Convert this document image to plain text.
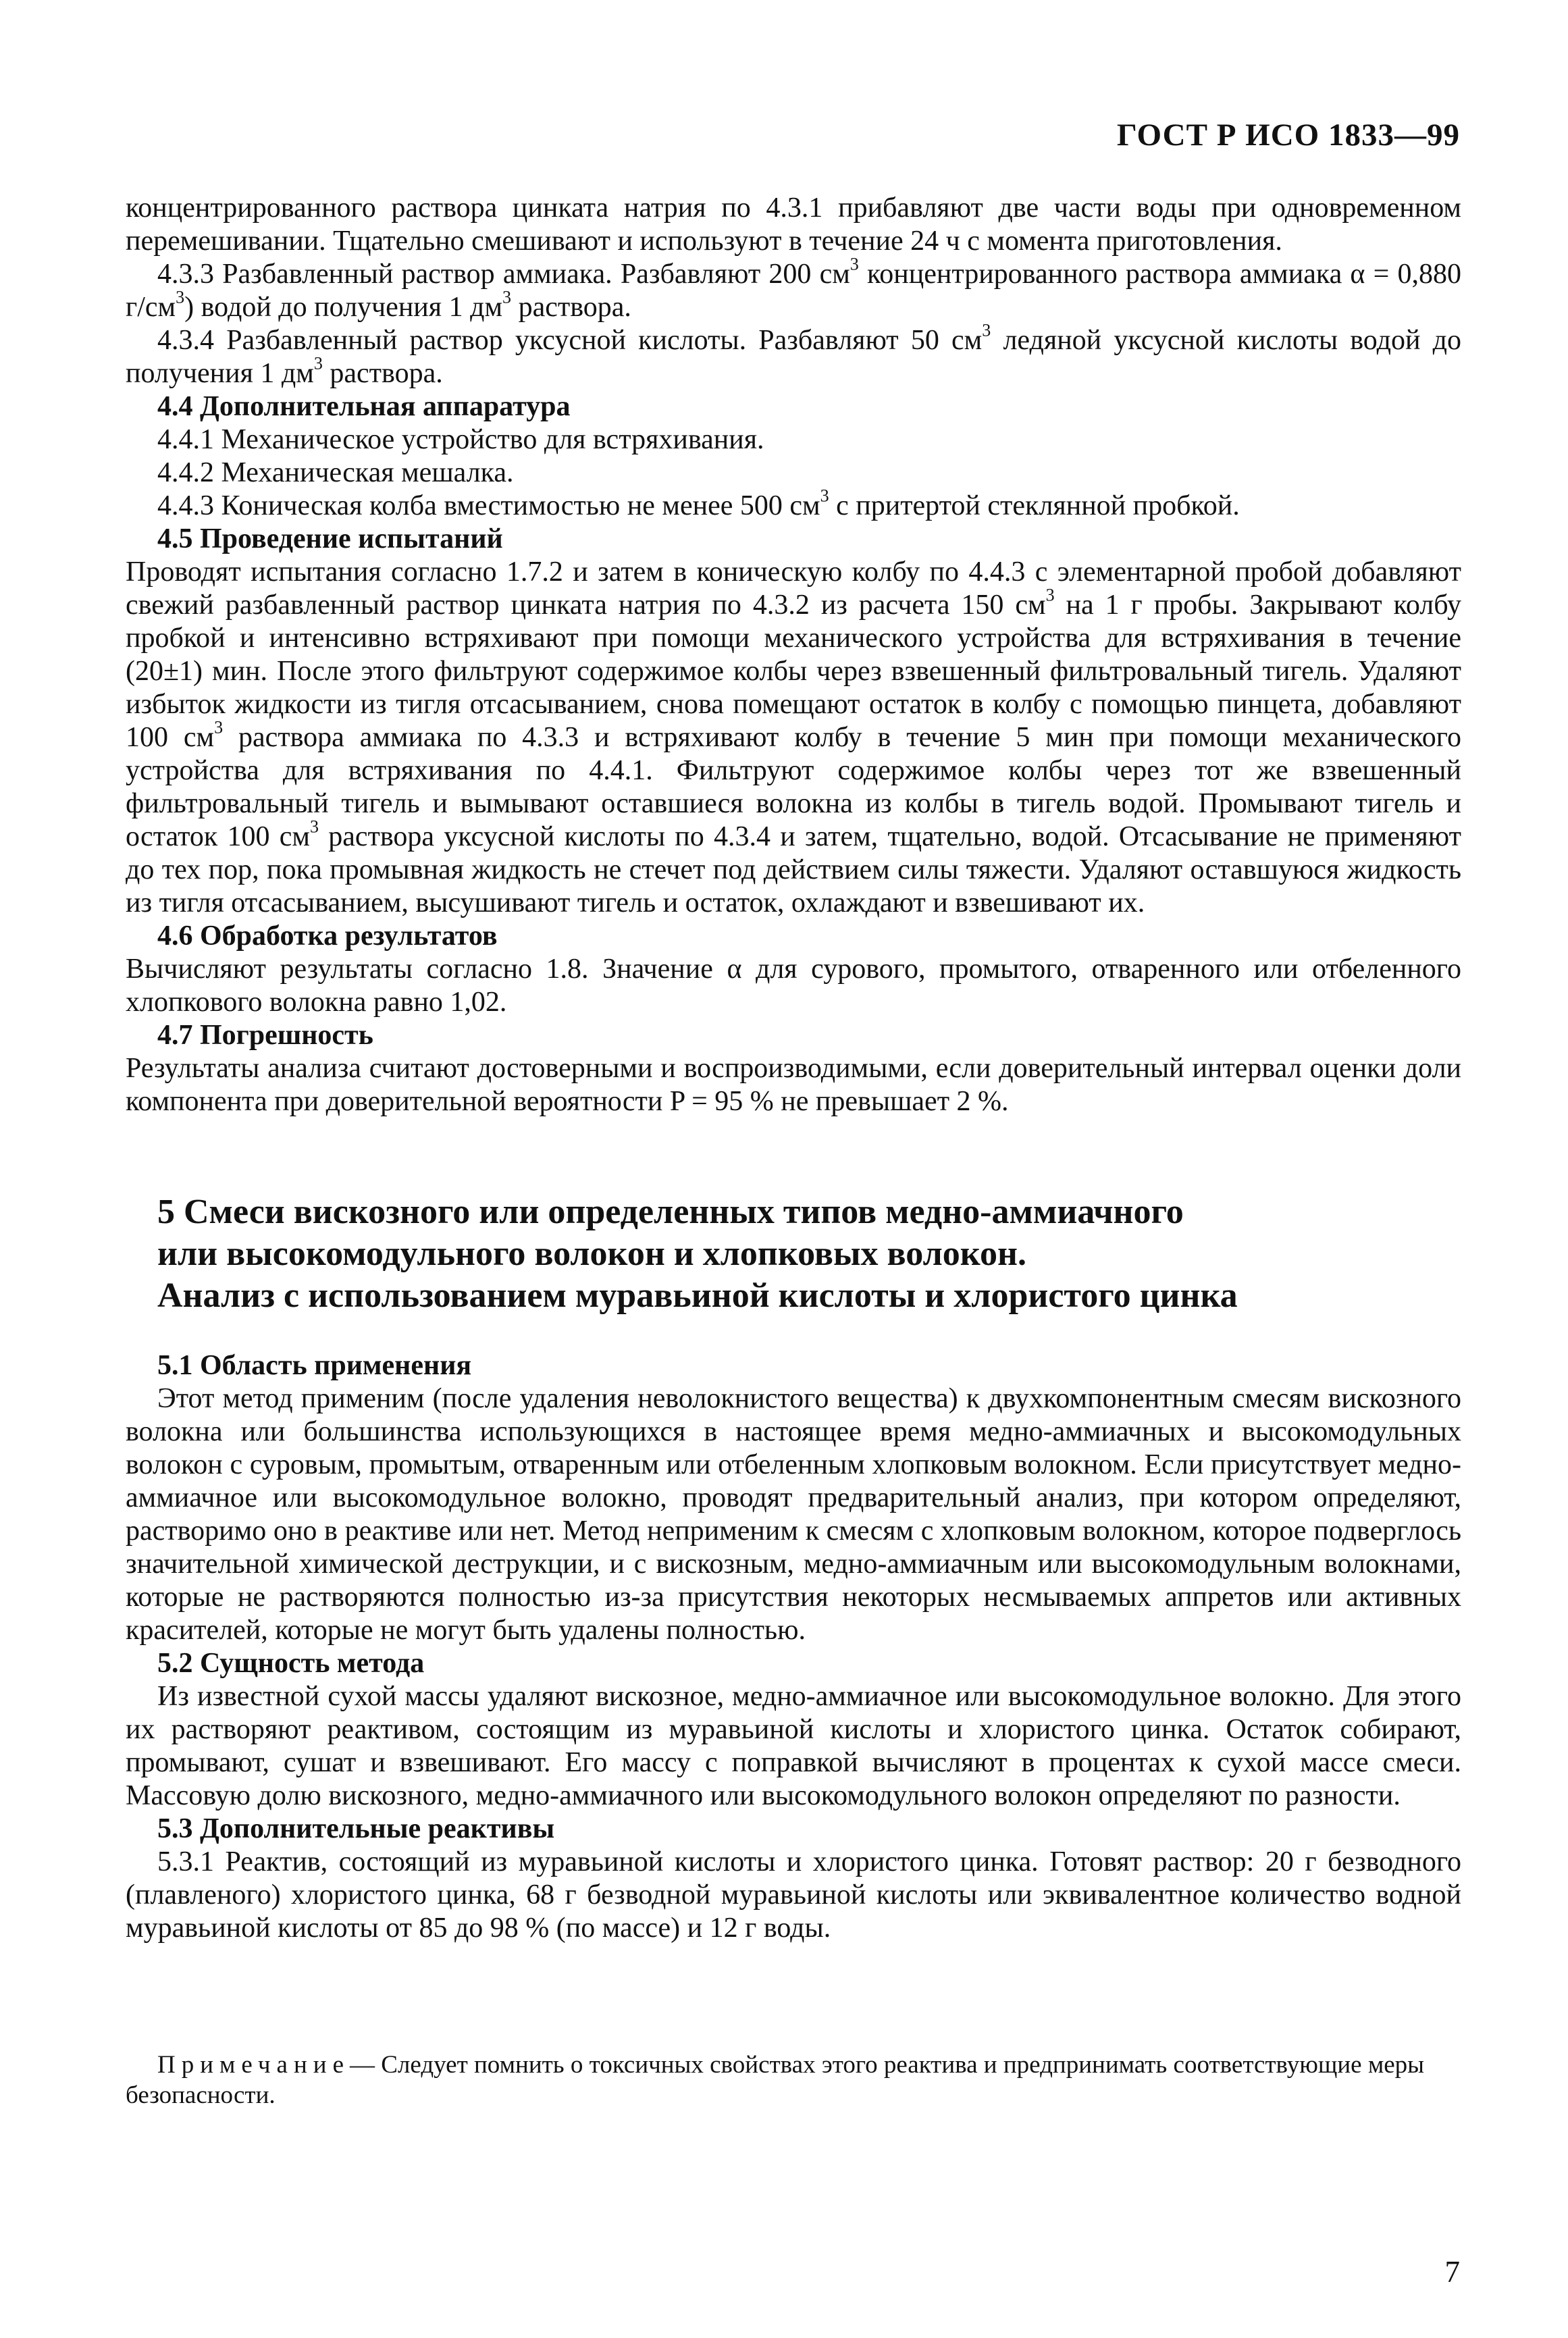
ГОСТ Р ИСО 1833—99

концентрированного раствора цинката натрия по 4.3.1 прибавляют две части воды при одновременном перемешивании. Тщательно смешивают и используют в течение 24 ч с момента приготовления.

4.3.3 Разбавленный раствор аммиака. Разбавляют 200 $см^3$ концентрированного раствора аммиака α = 0,880 $г/см^3$) водой до получения 1 $дм^3$ раствора.

4.3.4 Разбавленный раствор уксусной кислоты. Разбавляют 50 $см^3$ ледяной уксусной кислоты водой до получения 1 $дм^3$ раствора.

4.4 Дополнительная аппаратура

4.4.1 Механическое устройство для встряхивания.

4.4.2 Механическая мешалка.

4.4.3 Коническая колба вместимостью не менее 500 $см^3$ с притертой стеклянной пробкой.

4.5 Проведение испытаний

Проводят испытания согласно 1.7.2 и затем в коническую колбу по 4.4.3 с элементарной пробой добавляют свежий разбавленный раствор цинката натрия по 4.3.2 из расчета 150 $см^3$ на 1 г пробы. Закрывают колбу пробкой и интенсивно встряхивают при помощи механического устройства для встряхивания в течение (20±1) мин. После этого фильтруют содержимое колбы через взвешенный фильтровальный тигель. Удаляют избыток жидкости из тигля отсасыванием, снова помещают остаток в колбу с помощью пинцета, добавляют 100 $см^3$ раствора аммиака по 4.3.3 и встряхивают колбу в течение 5 мин при помощи механического устройства для встряхивания по 4.4.1. Фильтруют содержимое колбы через тот же взвешенный фильтровальный тигель и вымывают оставшиеся волокна из колбы в тигель водой. Промывают тигель и остаток 100 $см^3$ раствора уксусной кислоты по 4.3.4 и затем, тщательно, водой. Отсасывание не применяют до тех пор, пока промывная жидкость не стечет под действием силы тяжести. Удаляют оставшуюся жидкость из тигля отсасыванием, высушивают тигель и остаток, охлаждают и взвешивают их.

4.6 Обработка результатов

Вычисляют результаты согласно 1.8. Значение α для сурового, промытого, отваренного или отбеленного хлопкового волокна равно 1,02.

4.7 Погрешность

Результаты анализа считают достоверными и воспроизводимыми, если доверительный интервал оценки доли компонента при доверительной вероятности P = 95 % не превышает 2 %.

5 Смеси вискозного или определенных типов медно-аммиачного
или высокомодульного волокон и хлопковых волокон.
Анализ с использованием муравьиной кислоты и хлористого цинка

5.1 Область применения

Этот метод применим (после удаления неволокнистого вещества) к двухкомпонентным смесям вискозного волокна или большинства использующихся в настоящее время медно-аммиачных и высокомодульных волокон с суровым, промытым, отваренным или отбеленным хлопковым волокном. Если присутствует медно-аммиачное или высокомодульное волокно, проводят предварительный анализ, при котором определяют, растворимо оно в реактиве или нет. Метод неприменим к смесям с хлопковым волокном, которое подверглось значительной химической деструкции, и с вискозным, медно-аммиачным или высокомодульным волокнами, которые не растворяются полностью из-за присутствия некоторых несмываемых аппретов или активных красителей, которые не могут быть удалены полностью.

5.2 Сущность метода

Из известной сухой массы удаляют вискозное, медно-аммиачное или высокомодульное волокно. Для этого их растворяют реактивом, состоящим из муравьиной кислоты и хлористого цинка. Остаток собирают, промывают, сушат и взвешивают. Его массу с поправкой вычисляют в процентах к сухой массе смеси. Массовую долю вискозного, медно-аммиачного или высокомодульного волокон определяют по разности.

5.3 Дополнительные реактивы

5.3.1 Реактив, состоящий из муравьиной кислоты и хлористого цинка. Готовят раствор: 20 г безводного (плавленого) хлористого цинка, 68 г безводной муравьиной кислоты или эквивалентное количество водной муравьиной кислоты от 85 до 98 % (по массе) и 12 г воды.

Примечание— Следует помнить о токсичных свойствах этого реактива и предпринимать соответствующие меры безопасности.
7
